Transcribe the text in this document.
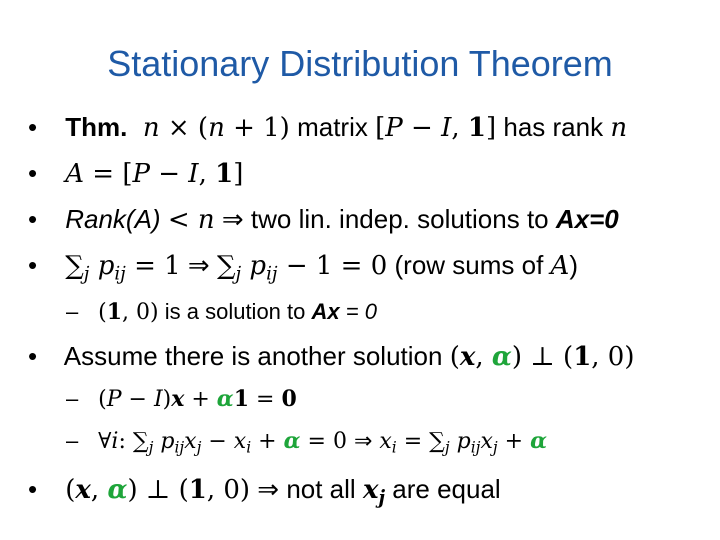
Stationary Distribution Theorem
• Thm.  n × (n + 1) matrix [P − I, 1] has rank n
• A = [P − I, 1]
• Rank(A) < n ⇒ two lin. indep. solutions to Ax=0
• $\sum_j$ $p_{ij} = 1$ ⇒ $\sum_j$ $p_{ij} - 1 = 0$ (row sums of A)
– (1, 0) is a solution to Ax = 0
• Assume there is another solution (x, α) ⊥ (1, 0)
– (P − I)x + α1 = 0
– ∀i: $\sum_j$ $p_{ij}x_j - x_i + \alpha = 0$ ⇒ $x_i = \sum_j$ $p_{ij}x_j + \alpha$
• (x, α) ⊥ (1, 0) ⇒ not all $x_j$ are equal
